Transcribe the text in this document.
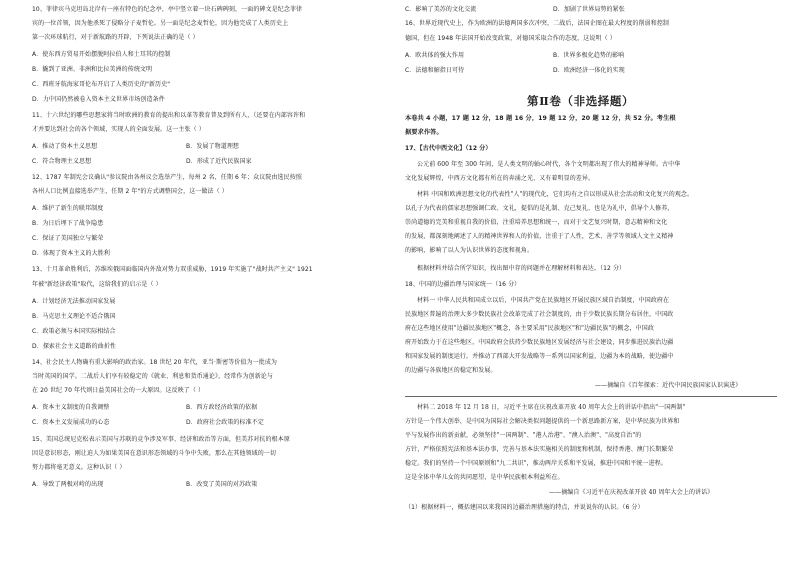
10、菲律宾马克坦岛北岸有一座有特色的纪念亭，亭中竖立着一块石碑碑刻，一面的碑文是纪念菲律
宾的一位首领，因为他杀死了侵略分子麦哲伦。另一面是纪念麦哲伦，因为他完成了人类历史上
第一次环球航行，对于新航路的开辟，下列说法正确的是（ ）
A．使东西方贸易开始摆脱阿拉伯人和土耳其的控制
B．撬到了亚洲、非洲和比拉美洲的传统文明
C．西班牙航海家哥伦布开启了人类历史的"新历史"
D．力中国仍然被卷入资本主义世界市场创造条件
11、十六世纪的哪些思想家将当时欧洲的教育的提出和以革等教育普及到所有人，（还要在内部容许和
才并要达到社会的各个领域，实现人的全面发展。这一主张（ ）
A．推动了资本主义思想	B．发展了物道理想
C．符合物理主义思想	D．形成了近代民族国家
12、1787 年制宪会议确认"参议院由各州议会选举产生，每州 2 名，任期 6 年；众议院由选民按照
各州人口比例直接选举产生，任期 2 年"的方式调整国会，这一做法（ ）
A．维护了新生的联邦制度
B．为日后埋下了战争隐患
C．保证了美国独立与繁荣
D．体现了资本主义的大胜利
13、十月革命胜利后，苏维埃俄国面临国内外敌对势力双重威胁，1919 年实施了"战时共产主义" 1921
年被"新经济政策"取代，这给我们的启示是（ ）
A．计划经济无法推动国家发展
B．马克思主义理论不适合俄国
C．政策必须与本国实际相结合
D．探索社会主义道路的曲折性
14、社会民主人物确有重大影响的政治家。18 世纪 20 年代，亚当·斯密等价值为一批成为
当时英国的国学。二战后人们享有较稳定的《就业、利息和货币通论》，经常作为创新论与
在 20 世纪 70 年代则日益美国社会的一大原因。这反映了（ ）
A．资本主义制度的自我调整	B．西方政经济政策的依据
C．资本主义发展成功的心态	D．政府社会政策的标准不定
15、美国总统尼克松表示美国与苏联的竞争涉及军事、经济和政治等方面，但美苏对抗的根本原
因是意识形态，刚让迫人为如果美国在意识形态领域的斗争中失败，那么在其他领域的一切
努力都将毫无意义。这种认识（ ）
A．导致了两极对峙的出现	B．改变了美国的对苏政策
C．影响了美苏的文化交流	D．加剧了世界局势的紧张
16、世界近现代史上，作为欧洲的法德两国多次冲突，二战后，法国企图在最大程度的削弱和控制
德国，但在 1948 年法国开始改变政策，对德国采取合作的态度，这说明（ ）
A．欧共体的强大作用	B．世界多极化趋势的影响
C．法德和解指日可待	D．欧洲经济一体化的实现
第Ⅱ卷（非选择题）
本卷共 4 小题，17 题 12 分，18 题 16 分，19 题 12 分，20 题 12 分，共 52 分。考生根
据要求作答。
17、【古代中西文化】（12 分）
公元前 600 年至 300 年间，是人类文明的轴心时代，各个文明都出现了伟大的精神导师。古中华
文化发展辉煌，中西方文化都有所在的奔涌之光，又有着明显的差异。
材料 中国和欧洲思想文化的代表性"人"的现代化，它们均有之自以形成从社会活动和文化复兴的观念。
以孔子为代表的儒家思想强调仁政、文礼，提倡的是礼制、克己复礼、也是为礼中，倡导个人修养，
崇尚道德的完美和重视自我的价值，注重培养思想和统一，而对于文艺复兴时期，意志精神和文化
的发展，都深刻地阐述了人的精神世界和人的价值，注重于了人性，艺术、善学等领域人文主义精神
的影响，影响了以人为认识世界的态度和视角。
根据材料并结合所学知识，找出图中存的问题并在理解材料和表达。（12 分）
18、中国的边疆治理与国家统一（16 分）
材料一 中华人民共和国成立以后，中国共产党在民族地区开展民族区域自治制度，中国政府在
民族地区普遍的治理大多少数民族社会改革完成了社会制度的，由于少数民族长期分布居住，中国政
府在这些地区使用"边疆民族地区"概念，各主要采用"民族地区"和"边疆民族"的概念，中国政
府开始致力于在这些地区，中国政府会扶持少数民族地区发展经济与社会建设，同步推进民族治边疆
和国家发展的制度运行，并推动了西部大开发战略等一系列以国家利益，边疆为本的战略，使边疆中
的边疆与各族地区的稳定和发展。
——摘编自《百年探索：近代中国民族国家认识演进》
材料二 2018 年 12 月 18 日，习近平主席在庆祝改革开放 40 周年大会上的讲话中指出"一国两制"
方针是一个伟大创举，是中国为国际社会解决类似问题提供的一个新思路新方案，是中华民族为世界和
平与发展作出的新贡献，必须坚持"一国两制"、"港人治港"、"澳人治澳"、"高度自治"的
方针，严格依照宪法和基本法办事，完善与基本法实施相关的制度和机制，保持香港、澳门长期繁荣
稳定。我们的坚持一个中国原则和"九二共识"，推动两岸关系和平发展，推进中国和平统一进程。
这是全体中华儿女的共同愿望，是中华民族根本利益所在。
——摘编自《习近平在庆祝改革开放 40 周年大会上的讲话》
（1）根据材料一，概括建国以来我国的边疆治理措施的特点，并说说你的认识。（6 分）
